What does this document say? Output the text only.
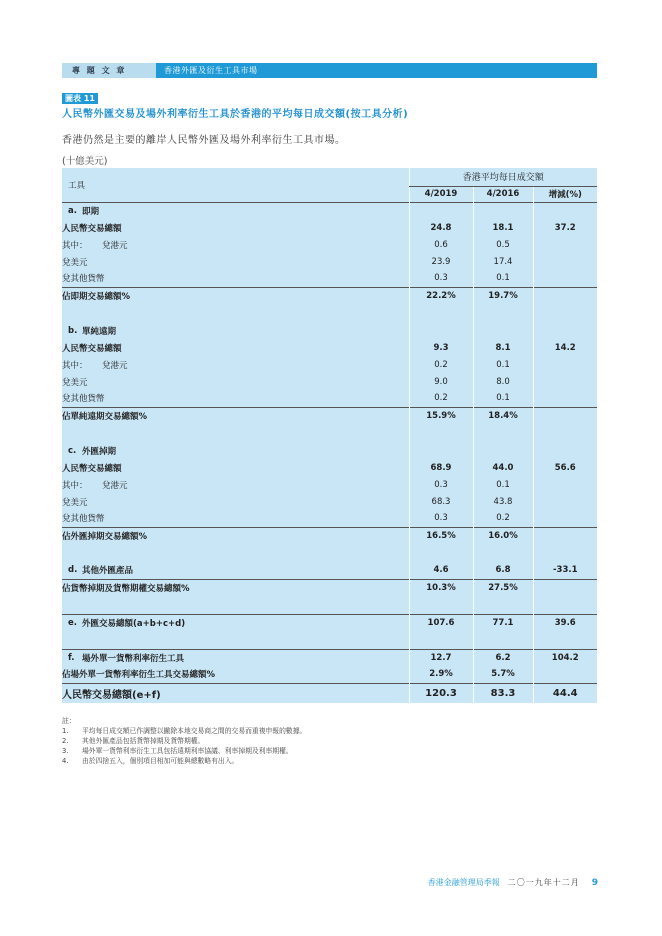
專 題 文 章	香港外匯及衍生工具市場
圖表 11
人民幣外匯交易及場外利率衍生工具於香港的平均每日成交額(按工具分析)
香港仍然是主要的離岸人民幣外匯及場外利率衍生工具市場。
(十億美元)
工具	香港平均每日成交額		
	4/2019	4/2016	增減(%)

a. 即期			

人民幣交易總額	24.8	18.1	37.2
其中： 兌港元	0.6	0.5	
兌美元	23.9	17.4	
兌其他貨幣	0.3	0.1	
佔即期交易總額%	22.2%	19.7%	

b. 單純遠期			

人民幣交易總額	9.3	8.1	14.2
其中： 兌港元	0.2	0.1	
兌美元	9.0	8.0	
兌其他貨幣	0.2	0.1	
佔單純遠期交易總額%	15.9%	18.4%	

c. 外匯掉期			

人民幣交易總額	68.9	44.0	56.6
其中： 兌港元	0.3	0.1	
兌美元	68.3	43.8	
兌其他貨幣	0.3	0.2	
佔外匯掉期交易總額%	16.5%	16.0%	

d. 其他外匯產品	4.6	6.8	-33.1
佔貨幣掉期及貨幣期權交易總額%	10.3%	27.5%	

e. 外匯交易總額(a+b+c+d)	107.6	77.1	39.6

f. 場外單一貨幣利率衍生工具	12.7	6.2	104.2
佔場外單一貨幣利率衍生工具交易總額%	2.9%	5.7%	
人民幣交易總額(e+f)	120.3	83.3	44.4
註：
1.	平均每日成交額已作調整以撇除本地交易商之間的交易而重複申報的數據。
2.	其他外匯產品包括貨幣掉期及貨幣期權。
3.	場外單一貨幣利率衍生工具包括遠期利率協議、利率掉期及利率期權。
4.	由於四捨五入，個別項目相加可能與總數略有出入。
香港金融管理局季報 二〇一九年十二月 9
